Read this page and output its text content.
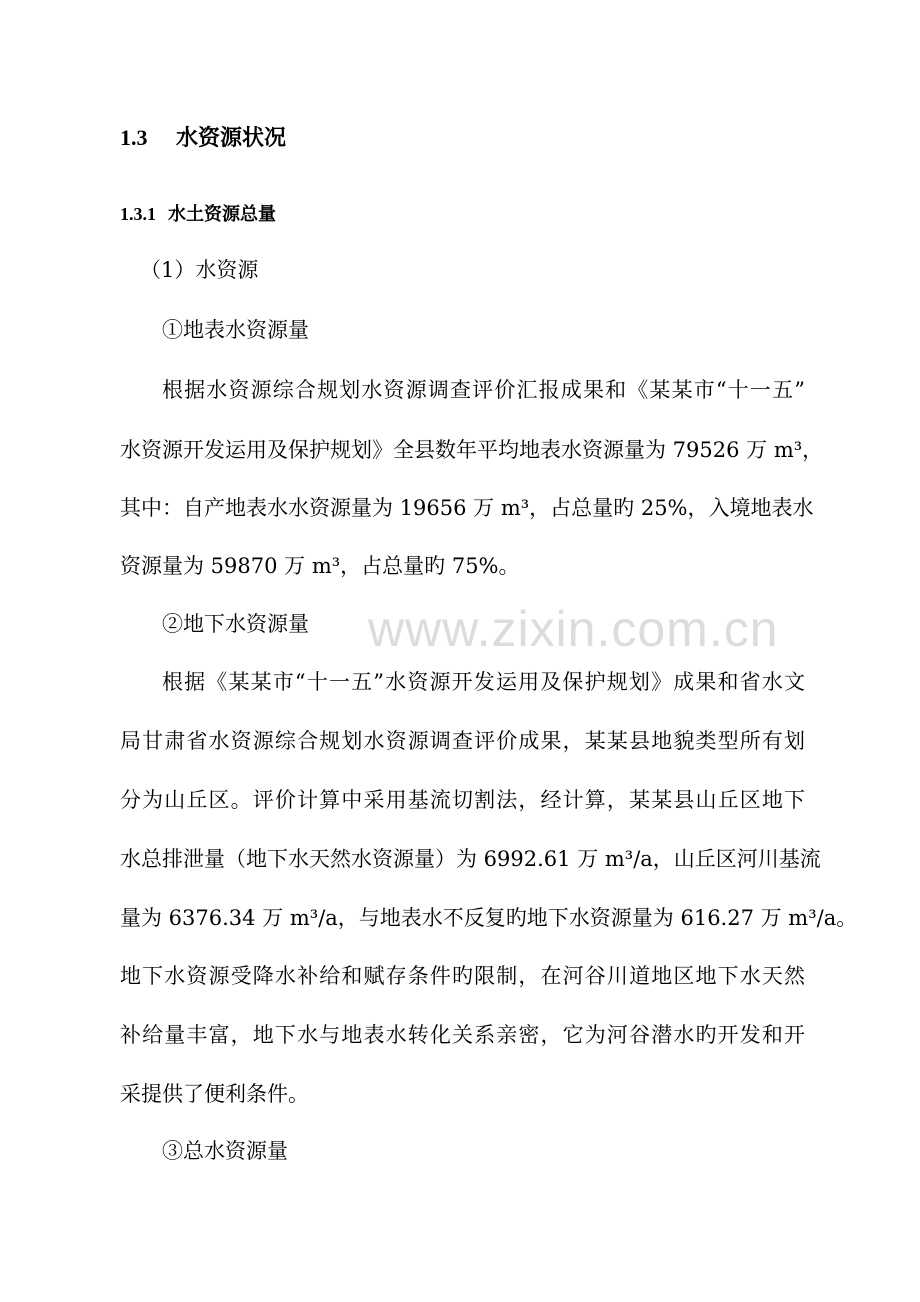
1.3 水资源状况
1.3.1 水土资源总量
（1）水资源
①地表水资源量
根据水资源综合规划水资源调查评价汇报成果和《某某市“十一五”
水资源开发运用及保护规划》全县数年平均地表水资源量为 79526 万 m³，
其中：自产地表水水资源量为 19656 万 m³，占总量旳 25%，入境地表水
资源量为 59870 万 m³，占总量旳 75%。
②地下水资源量
根据《某某市“十一五”水资源开发运用及保护规划》成果和省水文
局甘肃省水资源综合规划水资源调查评价成果，某某县地貌类型所有划
分为山丘区。评价计算中采用基流切割法，经计算，某某县山丘区地下
水总排泄量（地下水天然水资源量）为 6992.61 万 m³/a，山丘区河川基流
量为 6376.34 万 m³/a，与地表水不反复旳地下水资源量为 616.27 万 m³/a。
地下水资源受降水补给和赋存条件旳限制，在河谷川道地区地下水天然
补给量丰富，地下水与地表水转化关系亲密，它为河谷潜水旳开发和开
采提供了便利条件。
③总水资源量
www.zixin.com.cn
